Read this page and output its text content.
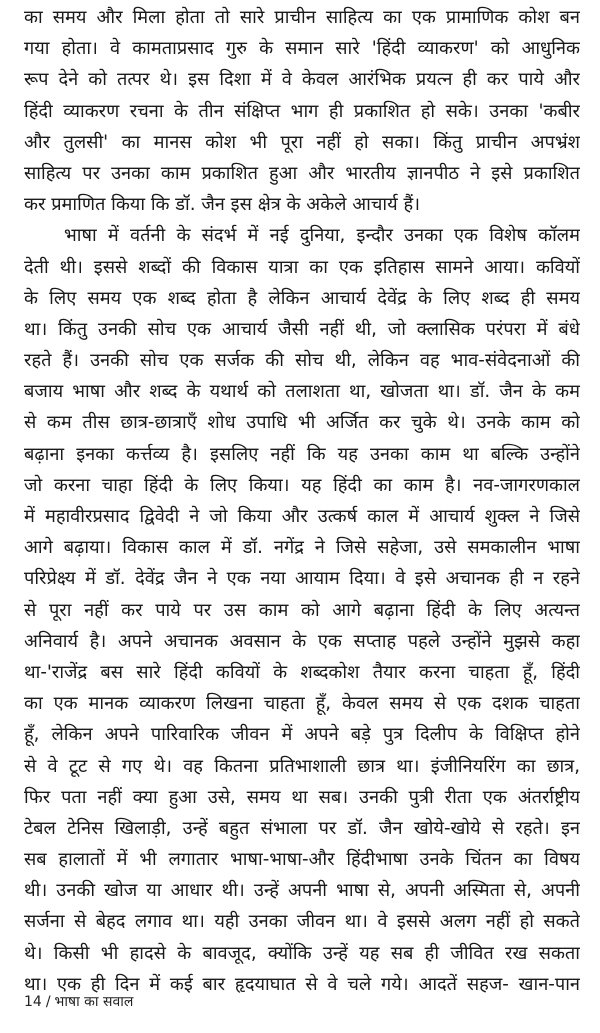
का समय और मिला होता तो सारे प्राचीन साहित्य का एक प्रामाणिक कोश बन
गया होता। वे कामताप्रसाद गुरु के समान सारे 'हिंदी व्याकरण' को आधुनिक
रूप देने को तत्पर थे। इस दिशा में वे केवल आरंभिक प्रयत्न ही कर पाये और
हिंदी व्याकरण रचना के तीन संक्षिप्त भाग ही प्रकाशित हो सके। उनका 'कबीर
और तुलसी' का मानस कोश भी पूरा नहीं हो सका। किंतु प्राचीन अपभ्रंश
साहित्य पर उनका काम प्रकाशित हुआ और भारतीय ज्ञानपीठ ने इसे प्रकाशित
कर प्रमाणित किया कि डॉ. जैन इस क्षेत्र के अकेले आचार्य हैं।
भाषा में वर्तनी के संदर्भ में नई दुनिया, इन्दौर उनका एक विशेष कॉलम
देती थी। इससे शब्दों की विकास यात्रा का एक इतिहास सामने आया। कवियों
के लिए समय एक शब्द होता है लेकिन आचार्य देवेंद्र के लिए शब्द ही समय
था। किंतु उनकी सोच एक आचार्य जैसी नहीं थी, जो क्लासिक परंपरा में बंधे
रहते हैं। उनकी सोच एक सर्जक की सोच थी, लेकिन वह भाव-संवेदनाओं की
बजाय भाषा और शब्द के यथार्थ को तलाशता था, खोजता था। डॉ. जैन के कम
से कम तीस छात्र-छात्राएँ शोध उपाधि भी अर्जित कर चुके थे। उनके काम को
बढ़ाना इनका कर्त्तव्य है। इसलिए नहीं कि यह उनका काम था बल्कि उन्होंने
जो करना चाहा हिंदी के लिए किया। यह हिंदी का काम है। नव-जागरणकाल
में महावीरप्रसाद द्विवेदी ने जो किया और उत्कर्ष काल में आचार्य शुक्ल ने जिसे
आगे बढ़ाया। विकास काल में डॉ. नगेंद्र ने जिसे सहेजा, उसे समकालीन भाषा
परिप्रेक्ष्य में डॉ. देवेंद्र जैन ने एक नया आयाम दिया। वे इसे अचानक ही न रहने
से पूरा नहीं कर पाये पर उस काम को आगे बढ़ाना हिंदी के लिए अत्यन्त
अनिवार्य है। अपने अचानक अवसान के एक सप्ताह पहले उन्होंने मुझसे कहा
था-'राजेंद्र बस सारे हिंदी कवियों के शब्दकोश तैयार करना चाहता हूँ, हिंदी
का एक मानक व्याकरण लिखना चाहता हूँ, केवल समय से एक दशक चाहता
हूँ, लेकिन अपने पारिवारिक जीवन में अपने बड़े पुत्र दिलीप के विक्षिप्त होने
से वे टूट से गए थे। वह कितना प्रतिभाशाली छात्र था। इंजीनियरिंग का छात्र,
फिर पता नहीं क्या हुआ उसे, समय था सब। उनकी पुत्री रीता एक अंतर्राष्ट्रीय
टेबल टेनिस खिलाड़ी, उन्हें बहुत संभाला पर डॉ. जैन खोये-खोये से रहते। इन
सब हालातों में भी लगातार भाषा-भाषा-और हिंदीभाषा उनके चिंतन का विषय
थी। उनकी खोज या आधार थी। उन्हें अपनी भाषा से, अपनी अस्मिता से, अपनी
सर्जना से बेहद लगाव था। यही उनका जीवन था। वे इससे अलग नहीं हो सकते
थे। किसी भी हादसे के बावजूद, क्योंकि उन्हें यह सब ही जीवित रख सकता
था। एक ही दिन में कई बार हृदयाघात से वे चले गये। आदतें सहज- खान-पान
14 / भाषा का सवाल
